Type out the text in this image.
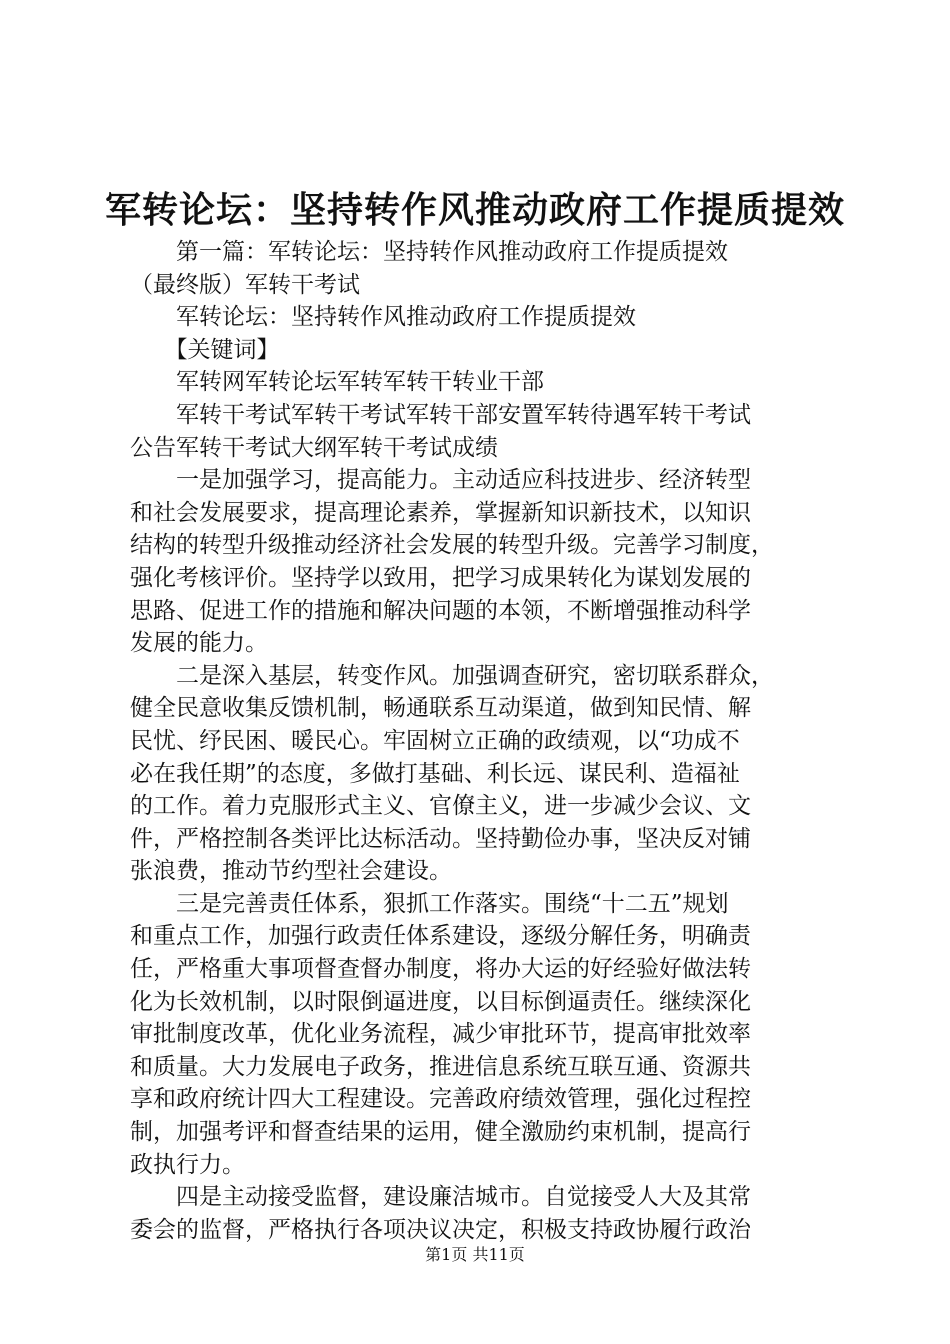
军转论坛：坚持转作风推动政府工作提质提效
　　第一篇：军转论坛：坚持转作风推动政府工作提质提效
（最终版）军转干考试
　　军转论坛：坚持转作风推动政府工作提质提效
　　【关键词】
　　军转网军转论坛军转军转干转业干部
　　军转干考试军转干考试军转干部安置军转待遇军转干考试
公告军转干考试大纲军转干考试成绩
　　一是加强学习，提高能力。主动适应科技进步、经济转型
和社会发展要求，提高理论素养，掌握新知识新技术，以知识
结构的转型升级推动经济社会发展的转型升级。完善学习制度，
强化考核评价。坚持学以致用，把学习成果转化为谋划发展的
思路、促进工作的措施和解决问题的本领，不断增强推动科学
发展的能力。
　　二是深入基层，转变作风。加强调查研究，密切联系群众，
健全民意收集反馈机制，畅通联系互动渠道，做到知民情、解
民忧、纾民困、暖民心。牢固树立正确的政绩观，以“功成不
必在我任期”的态度，多做打基础、利长远、谋民利、造福祉
的工作。着力克服形式主义、官僚主义，进一步减少会议、文
件，严格控制各类评比达标活动。坚持勤俭办事，坚决反对铺
张浪费，推动节约型社会建设。
　　三是完善责任体系，狠抓工作落实。围绕“十二五”规划
和重点工作，加强行政责任体系建设，逐级分解任务，明确责
任，严格重大事项督查督办制度，将办大运的好经验好做法转
化为长效机制，以时限倒逼进度，以目标倒逼责任。继续深化
审批制度改革，优化业务流程，减少审批环节，提高审批效率
和质量。大力发展电子政务，推进信息系统互联互通、资源共
享和政府统计四大工程建设。完善政府绩效管理，强化过程控
制，加强考评和督查结果的运用，健全激励约束机制，提高行
政执行力。
　　四是主动接受监督，建设廉洁城市。自觉接受人大及其常
委会的监督，严格执行各项决议决定，积极支持政协履行政治
第1页 共11页
